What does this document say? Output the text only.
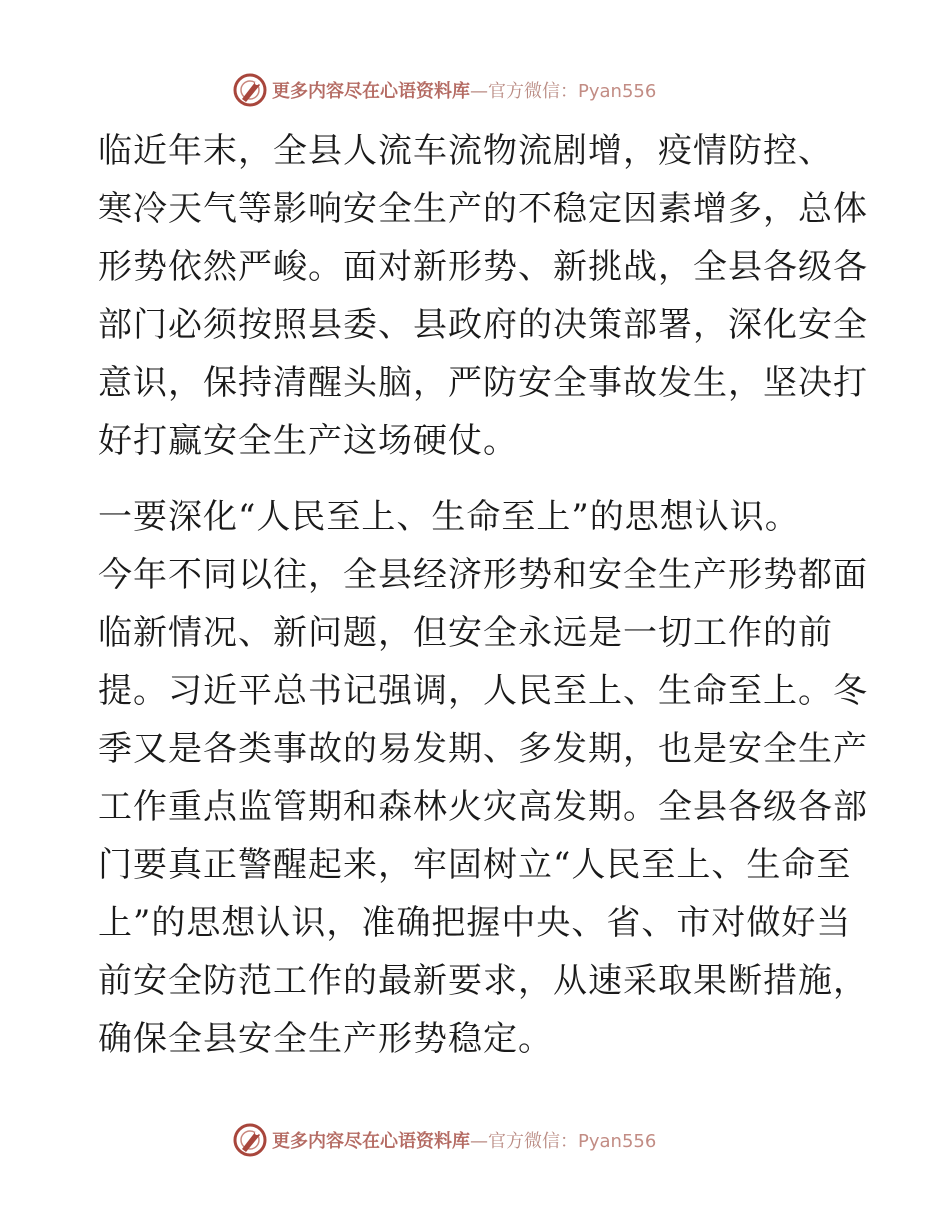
更多内容尽在心语资料库—官方微信：Pyan556
临近年末，全县人流车流物流剧增，疫情防控、
寒冷天气等影响安全生产的不稳定因素增多，总体
形势依然严峻。面对新形势、新挑战，全县各级各
部门必须按照县委、县政府的决策部署，深化安全
意识，保持清醒头脑，严防安全事故发生，坚决打
好打赢安全生产这场硬仗。
一要深化“人民至上、生命至上”的思想认识。
今年不同以往，全县经济形势和安全生产形势都面
临新情况、新问题，但安全永远是一切工作的前
提。习近平总书记强调，人民至上、生命至上。冬
季又是各类事故的易发期、多发期，也是安全生产
工作重点监管期和森林火灾高发期。全县各级各部
门要真正警醒起来，牢固树立“人民至上、生命至
上”的思想认识，准确把握中央、省、市对做好当
前安全防范工作的最新要求，从速采取果断措施，
确保全县安全生产形势稳定。
更多内容尽在心语资料库—官方微信：Pyan556
